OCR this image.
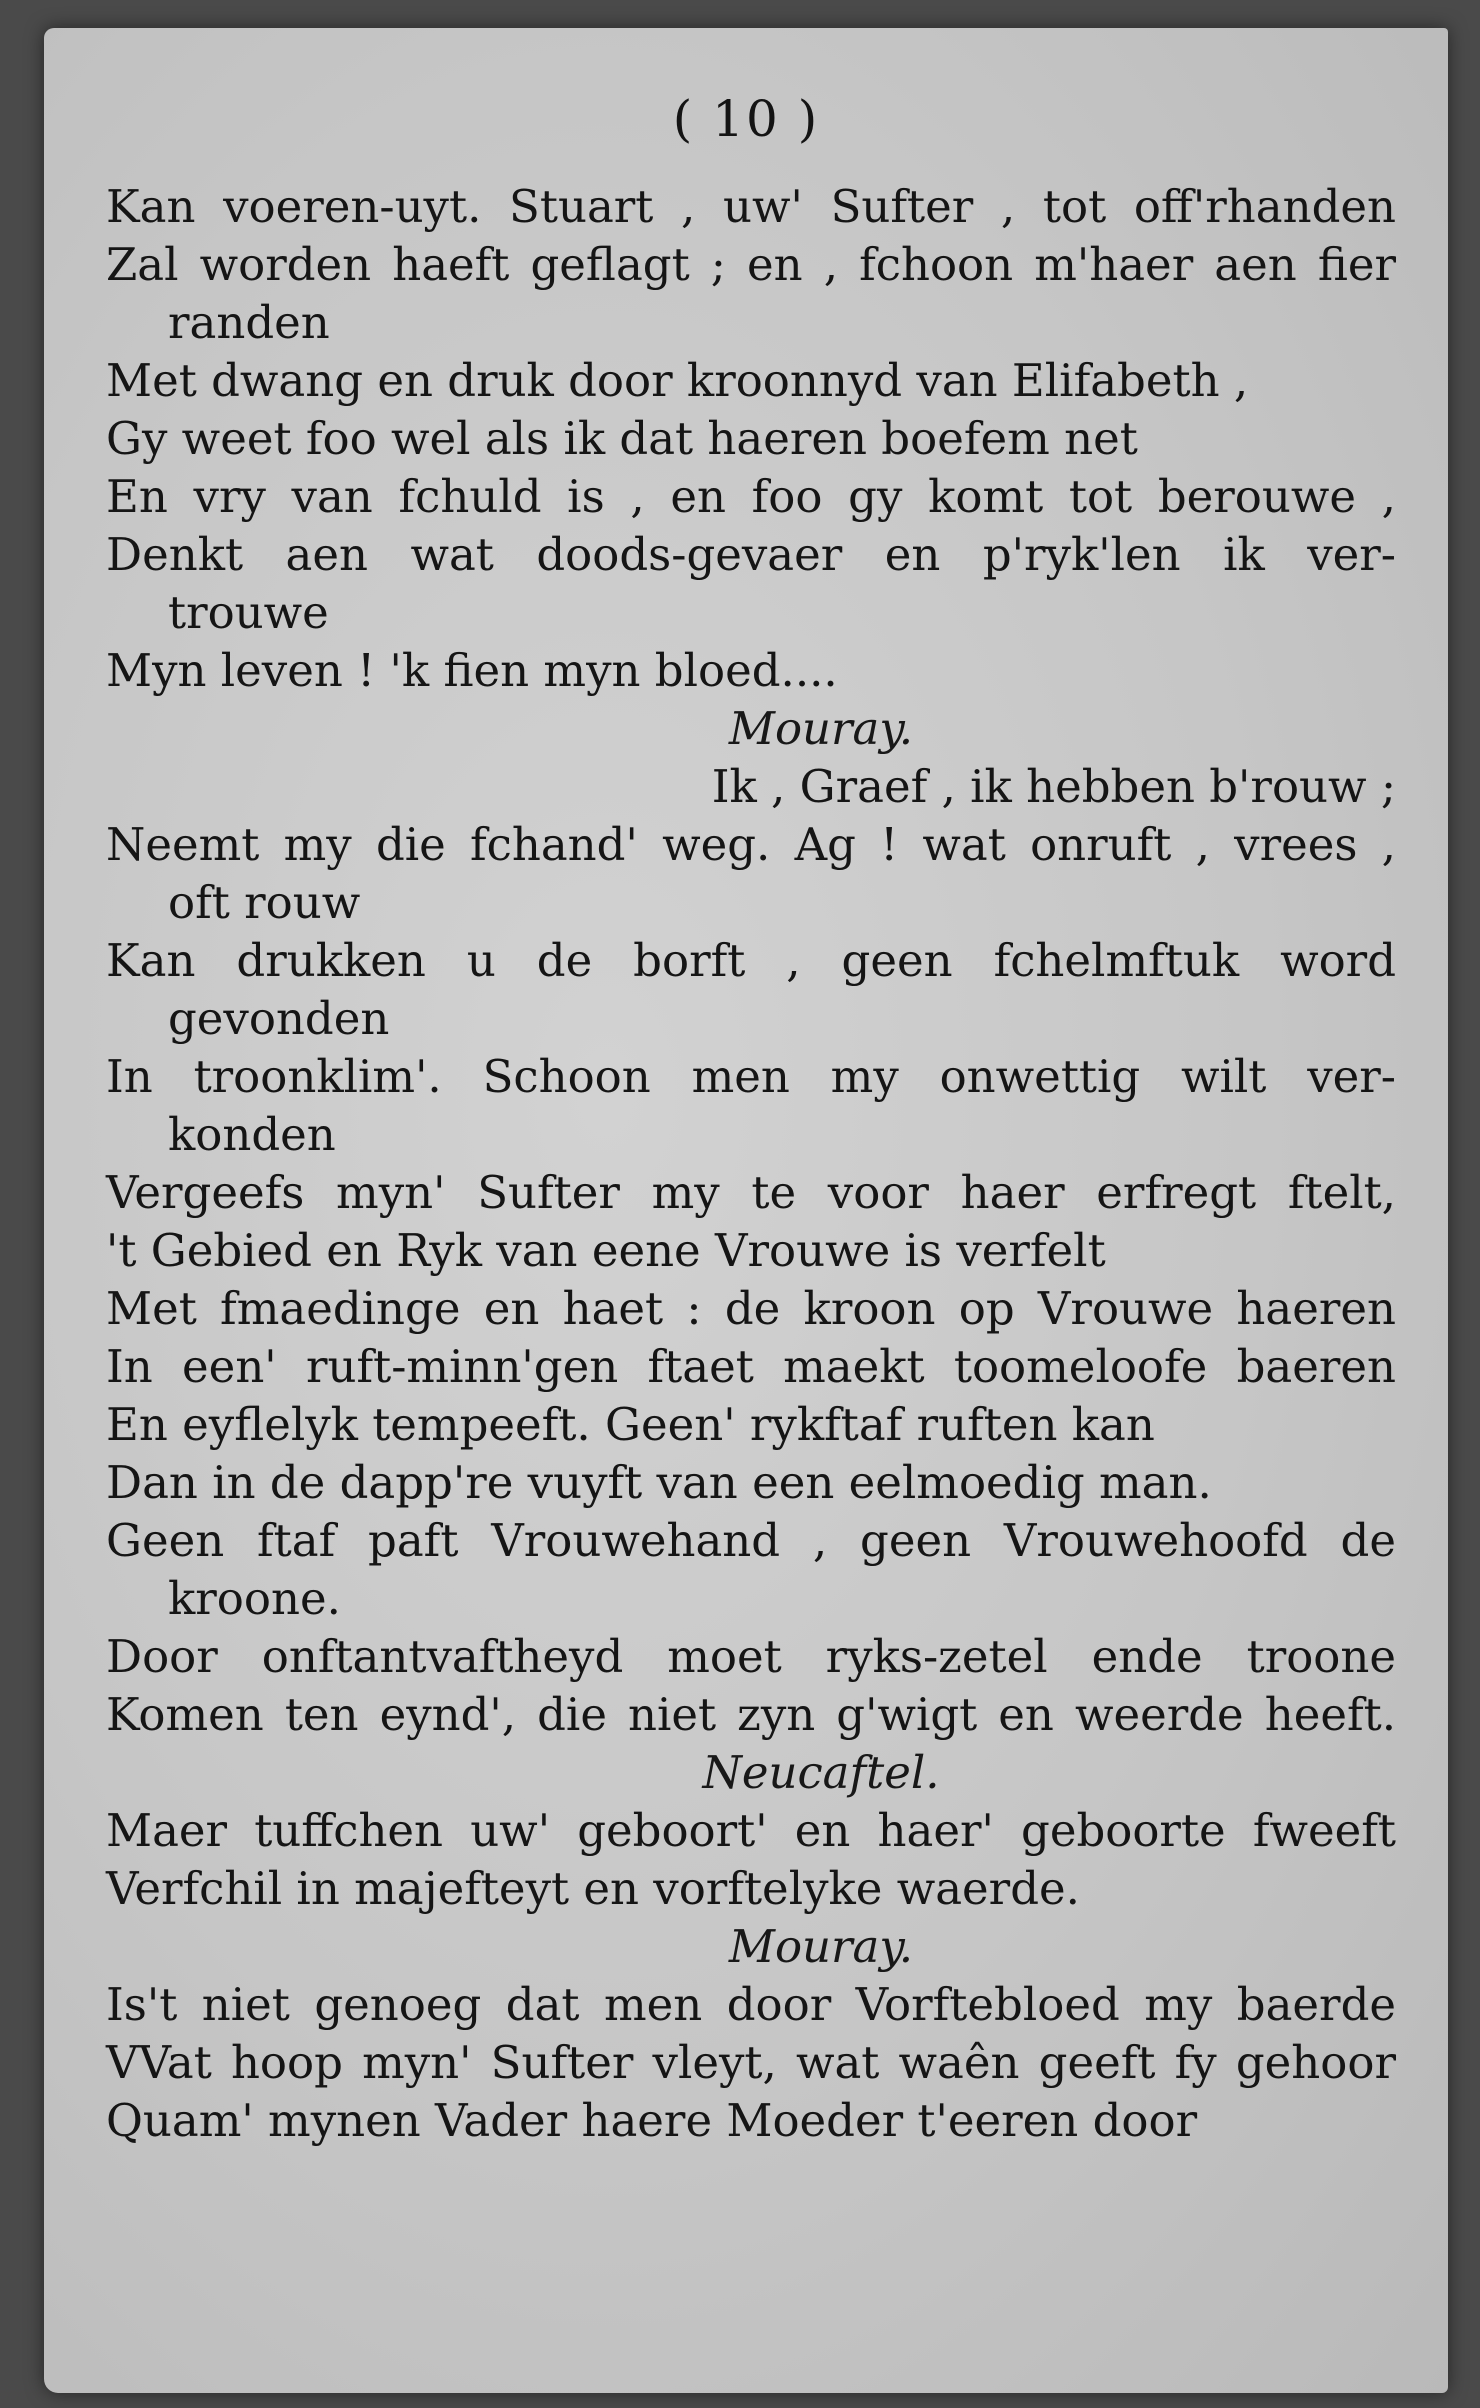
( 10 )
Kan voeren-uyt. Stuart , uw' Sufter , tot off'rhanden
Zal worden haeft geflagt ; en , fchoon m'haer aen fier
randen
Met dwang en druk door kroonnyd van Elifabeth ,
Gy weet foo wel als ik dat haeren boefem net
En vry van fchuld is , en foo gy komt tot berouwe ,
Denkt aen wat doods-gevaer en p'ryk'len ik ver-
trouwe
Myn leven ! 'k fien myn bloed....
Mouray.
Ik , Graef , ik hebben b'rouw ;
Neemt my die fchand' weg. Ag ! wat onruft , vrees ,
oft rouw
Kan drukken u de borft , geen fchelmftuk word
gevonden
In troonklim'. Schoon men my onwettig wilt ver-
konden
Vergeefs myn' Sufter my te voor haer erfregt ftelt,
't Gebied en Ryk van eene Vrouwe is verfelt
Met fmaedinge en haet : de kroon op Vrouwe haeren
In een' ruft-minn'gen ftaet maekt toomeloofe baeren
En eyflelyk tempeeft. Geen' rykftaf ruften kan
Dan in de dapp're vuyft van een eelmoedig man.
Geen ftaf paft Vrouwehand , geen Vrouwehoofd de
kroone.
Door onftantvaftheyd moet ryks-zetel ende troone
Komen ten eynd', die niet zyn g'wigt en weerde heeft.
Neucaftel.
Maer tuffchen uw' geboort' en haer' geboorte fweeft
Verfchil in majefteyt en vorftelyke waerde.
Mouray.
Is't niet genoeg dat men door Vorftebloed my baerde
VVat hoop myn' Sufter vleyt, wat waên geeft fy gehoor
Quam' mynen Vader haere Moeder t'eeren door
